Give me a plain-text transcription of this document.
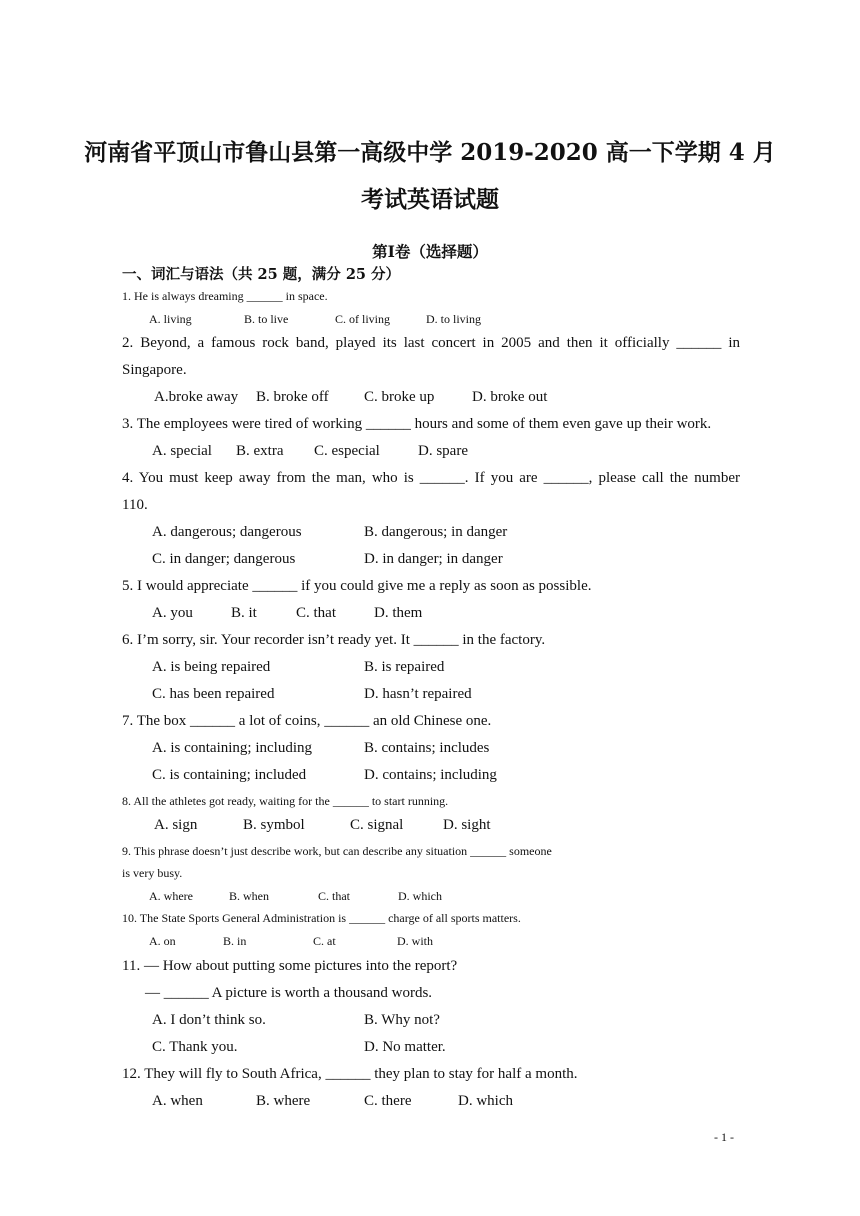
河南省平顶山市鲁山县第一高级中学 2019-2020 高一下学期 4 月
考试英语试题
第Ⅰ卷（选择题）
一、词汇与语法（共 25 题，满分 25 分）
1. He is always dreaming ______ in space.
A. living	B. to live	C. of living	D. to living
2. Beyond, a famous rock band, played its last concert in 2005 and then it officially ______ in
Singapore.
A.broke away B. broke off C. broke up	D. broke out
3. The employees were tired of working ______ hours and some of them even gave up their work.
A. special B. extra C. especial	D. spare
4. You must keep away from the man, who is ______. If you are ______, please call the number
110.
A. dangerous; dangerous	B. dangerous; in danger
C. in danger; dangerous	D. in danger; in danger
5. I would appreciate ______ if you could give me a reply as soon as possible.
A. you	B. it	C. that	D. them
6. I’m sorry, sir. Your recorder isn’t ready yet. It ______ in the factory.
A. is being repaired	B. is repaired
C. has been repaired	D. hasn’t repaired
7. The box ______ a lot of coins, ______ an old Chinese one.
A. is containing; including	B. contains; includes
C. is containing; included	D. contains; including
8. All the athletes got ready, waiting for the ______ to start running.
A. sign	B. symbol	C. signal	D. sight
9. This phrase doesn’t just describe work, but can describe any situation ______ someone
is very busy.
A. where	B. when	C. that	D. which
10. The State Sports General Administration is ______ charge of all sports matters.
A. on	B. in	C. at	D. with
11. — How about putting some pictures into the report?
— ______ A picture is worth a thousand words.
A. I don’t think so.	B. Why not?
C. Thank you.	D. No matter.
12. They will fly to South Africa, ______ they plan to stay for half a month.
A. when	B. where	C. there	D. which
- 1 -
